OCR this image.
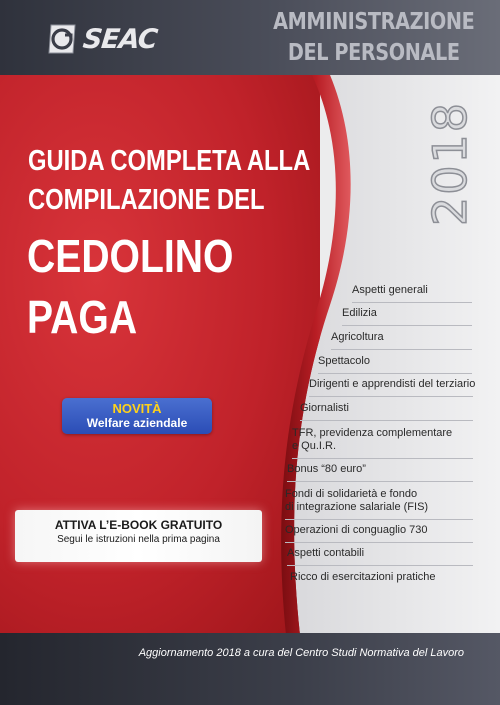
SEAC
AMMINISTRAZIONE
DEL PERSONALE
2018
GUIDA COMPLETA ALLA
COMPILAZIONE DEL
CEDOLINO
PAGA
NOVITÀ
Welfare aziendale
ATTIVA L’E-BOOK GRATUITO
Segui le istruzioni nella prima pagina
Aspetti generali
Edilizia
Agricoltura
Spettacolo
Dirigenti e apprendisti del terziario
Giornalisti
TFR, previdenza complementare
e Qu.I.R.
Bonus “80 euro”
Fondi di solidarietà e fondo
di integrazione salariale (FIS)
Operazioni di conguaglio 730
Aspetti contabili
Ricco di esercitazioni pratiche
Aggiornamento 2018 a cura del Centro Studi Normativa del Lavoro
